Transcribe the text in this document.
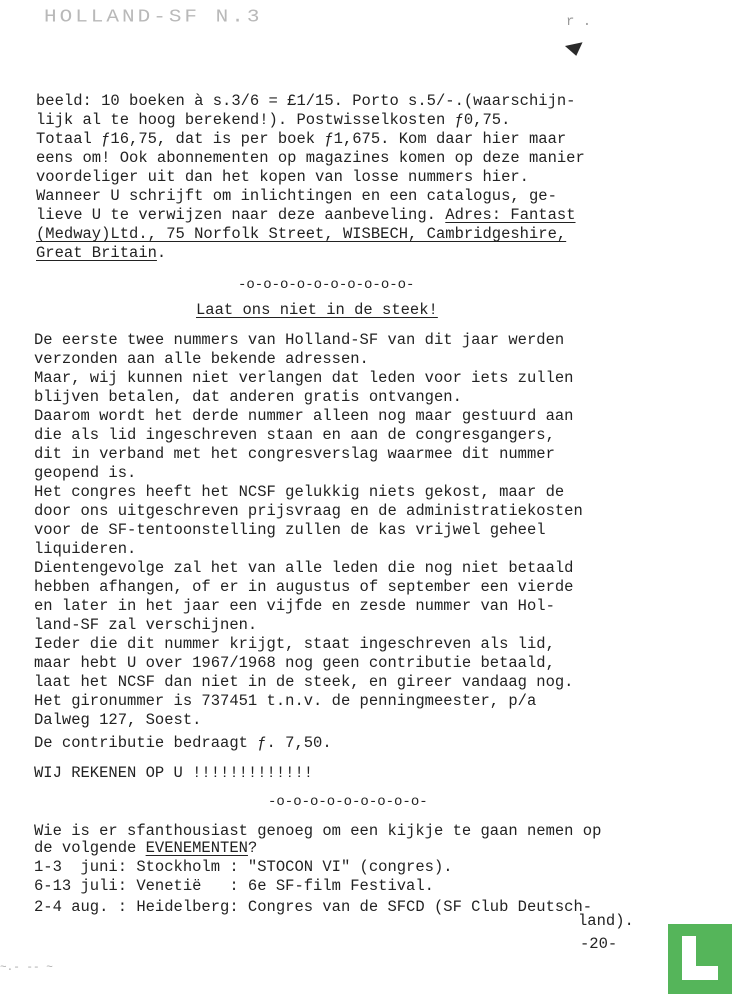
HOLLAND-SF N.3	r .
beeld: 10 boeken à s.3/6 = £1/15. Porto s.5/-.(waarschijn-
lijk al te hoog berekend!). Postwisselkosten ƒ0,75.
Totaal ƒ16,75, dat is per boek ƒ1,675. Kom daar hier maar
eens om! Ook abonnementen op magazines komen op deze manier
voordeliger uit dan het kopen van losse nummers hier.
Wanneer U schrijft om inlichtingen en een catalogus, ge-
lieve U te verwijzen naar deze aanbeveling. Adres: Fantast
(Medway)Ltd., 75 Norfolk Street, WISBECH, Cambridgeshire,
Great Britain.
-o-o-o-o-o-o-o-o-o-o-
Laat ons niet in de steek!
De eerste twee nummers van Holland-SF van dit jaar werden
verzonden aan alle bekende adressen.
Maar, wij kunnen niet verlangen dat leden voor iets zullen
blijven betalen, dat anderen gratis ontvangen.
Daarom wordt het derde nummer alleen nog maar gestuurd aan
die als lid ingeschreven staan en aan de congresgangers,
dit in verband met het congresverslag waarmee dit nummer
geopend is.
Het congres heeft het NCSF gelukkig niets gekost, maar de
door ons uitgeschreven prijsvraag en de administratiekosten
voor de SF-tentoonstelling zullen de kas vrijwel geheel
liquideren.
Dientengevolge zal het van alle leden die nog niet betaald
hebben afhangen, of er in augustus of september een vierde
en later in het jaar een vijfde en zesde nummer van Hol-
land-SF zal verschijnen.
Ieder die dit nummer krijgt, staat ingeschreven als lid,
maar hebt U over 1967/1968 nog geen contributie betaald,
laat het NCSF dan niet in de steek, en gireer vandaag nog.
Het gironummer is 737451 t.n.v. de penningmeester, p/a
Dalweg 127, Soest.
De contributie bedraagt ƒ. 7,50.
WIJ REKENEN OP U !!!!!!!!!!!!!
-o-o-o-o-o-o-o-o-o-
Wie is er sfanthousiast genoeg om een kijkje te gaan nemen op
de volgende EVENEMENTEN?
1-3  juni: Stockholm : "STOCON VI" (congres).
6-13 juli: Venetië   : 6e SF-film Festival.
2-4 aug. : Heidelberg: Congres van de SFCD (SF Club Deutsch-
land).
-20-
~.- -- ~
